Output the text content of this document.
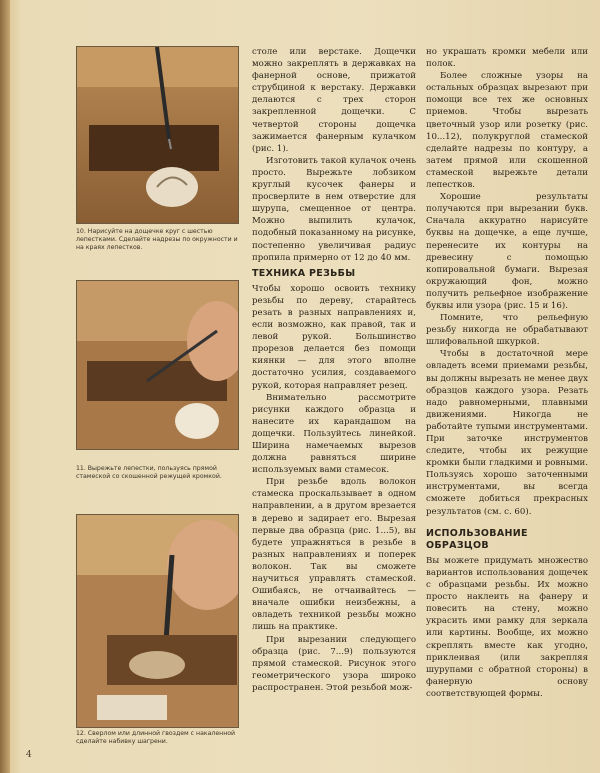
10. Нарисуйте на дощечке круг с шестью лепестками. Сделайте надрезы по окружности и на краях лепестков.

11. Вырежьте лепестки, пользуясь прямой стамеской со скошенной режущей кромкой.

12. Сверлом или длинной гвоздем с накаленной сделайте набивку шагрени.

столе или верстаке. Дощечки можно закреплять в державках на фанерной основе, прижатой струбциной к верстаку. Державки делаются с трех сторон закрепленной дощечки. С четвертой стороны дощечка зажимается фанерным кулачком (рис. 1).

Изготовить такой кулачок очень просто. Вырежьте лобзиком круглый кусочек фанеры и просверлите в нем отверстие для шурупа, смещенное от центра. Можно выпилить кулачок, подобный показанному на рисунке, постепенно увеличивая радиус пропила примерно от 12 до 40 мм.

ТЕХНИКА РЕЗЬБЫ

Чтобы хорошо освоить технику резьбы по дереву, старайтесь резать в разных направлениях и, если возможно, как правой, так и левой рукой. Большинство прорезов делается без помощи киянки — для этого вполне достаточно усилия, создаваемого рукой, которая направляет резец.

Внимательно рассмотрите рисунки каждого образца и нанесите их карандашом на дощечки. Пользуйтесь линейкой. Ширина намечаемых вырезов должна равняться ширине используемых вами стамесок.

При резьбе вдоль волокон стамеска проскальзывает в одном направлении, а в другом врезается в дерево и задирает его. Вырезая первые два образца (рис. 1...5), вы будете упражняться в резьбе в разных направлениях и поперек волокон. Так вы сможете научиться управлять стамеской. Ошибаясь, не отчаивайтесь — вначале ошибки неизбежны, а овладеть техникой резьбы можно лишь на практике.

При вырезании следующего образца (рис. 7...9) пользуются прямой стамеской. Рисунок этого геометрического узора широко распространен. Этой резьбой мож-

но украшать кромки мебели или полок.

Более сложные узоры на остальных образцах вырезают при помощи все тех же основных приемов. Чтобы вырезать цветочный узор или розетку (рис. 10...12), полукруглой стамеской сделайте надрезы по контуру, а затем прямой или скошенной стамеской вырежьте детали лепестков.

Хорошие результаты получаются при вырезании букв. Сначала аккуратно нарисуйте буквы на дощечке, а еще лучше, перенесите их контуры на древесину с помощью копировальной бумаги. Вырезая окружающий фон, можно получить рельефное изображение буквы или узора (рис. 15 и 16).

Помните, что рельефную резьбу никогда не обрабатывают шлифовальной шкуркой.

Чтобы в достаточной мере овладеть всеми приемами резьбы, вы должны вырезать не менее двух образцов каждого узора. Резать надо равномерными, плавными движениями. Никогда не работайте тупыми инструментами. При заточке инструментов следите, чтобы их режущие кромки были гладкими и ровными. Пользуясь хорошо заточенными инструментами, вы всегда сможете добиться прекрасных результатов (см. с. 60).

ИСПОЛЬЗОВАНИЕ ОБРАЗЦОВ

Вы можете придумать множество вариантов использования дощечек с образцами резьбы. Их можно просто наклеить на фанеру и повесить на стену, можно украсить ими рамку для зеркала или картины. Вообще, их можно скреплять вместе как угодно, приклеивая (или закрепляя шурупами с обратной стороны) в фанерную основу соответствующей формы.

4
